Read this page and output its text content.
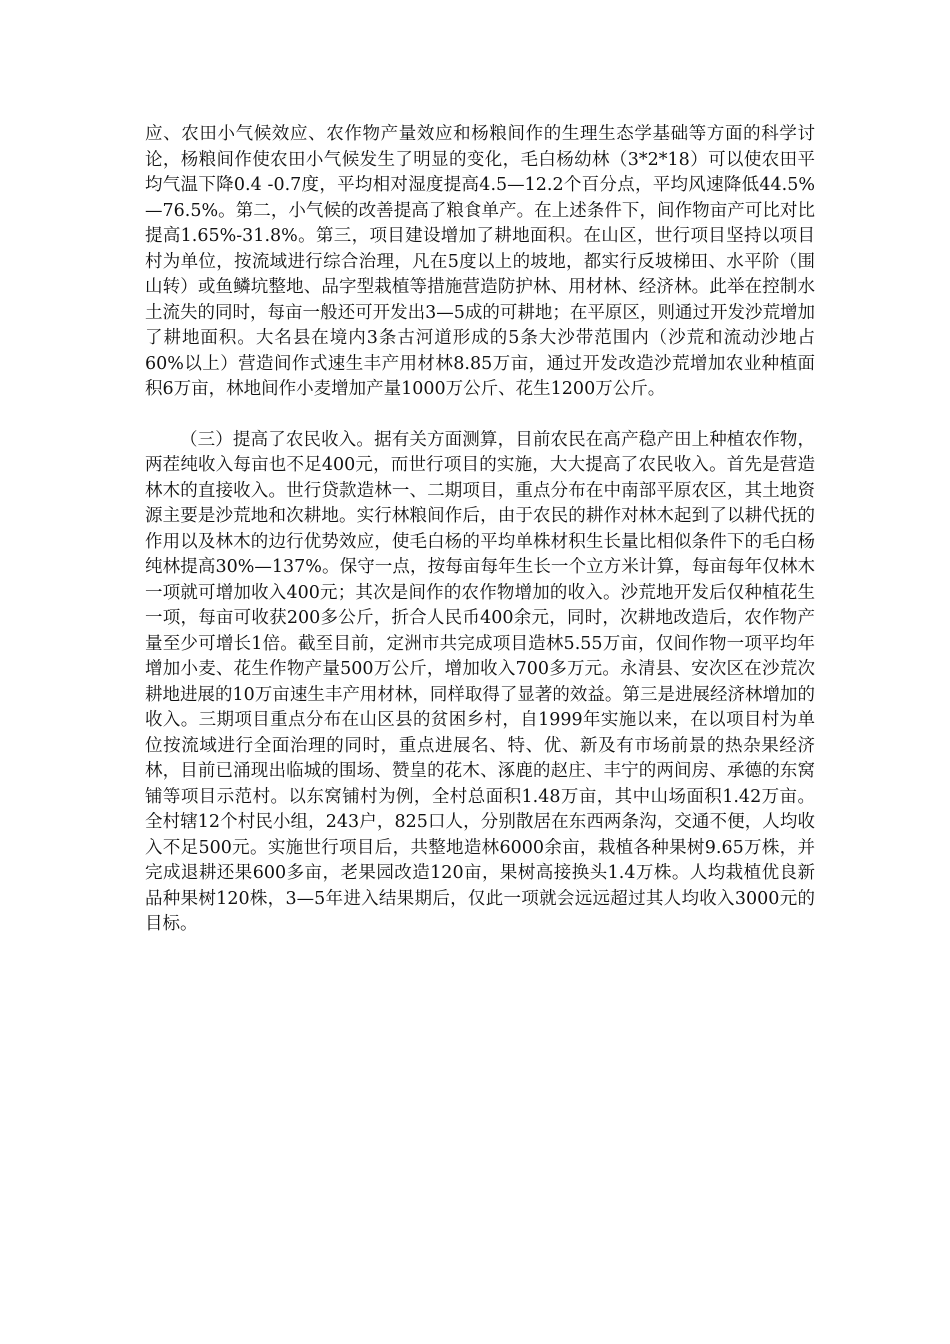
应、农田小气候效应、农作物产量效应和杨粮间作的生理生态学基础等方面的科学讨论，杨粮间作使农田小气候发生了明显的变化，毛白杨幼林（3*2*18）可以使农田平均气温下降0.4 -0.7度，平均相对湿度提高4.5—12.2个百分点，平均风速降低44.5%—76.5%。第二，小气候的改善提高了粮食单产。在上述条件下，间作物亩产可比对比提高1.65%-31.8%。第三，项目建设增加了耕地面积。在山区，世行项目坚持以项目村为单位，按流域进行综合治理，凡在5度以上的坡地，都实行反坡梯田、水平阶（围山转）或鱼鳞坑整地、品字型栽植等措施营造防护林、用材林、经济林。此举在控制水土流失的同时，每亩一般还可开发出3—5成的可耕地；在平原区，则通过开发沙荒增加了耕地面积。大名县在境内3条古河道形成的5条大沙带范围内（沙荒和流动沙地占60%以上）营造间作式速生丰产用材林8.85万亩，通过开发改造沙荒增加农业种植面积6万亩，林地间作小麦增加产量1000万公斤、花生1200万公斤。

（三）提高了农民收入。据有关方面测算，目前农民在高产稳产田上种植农作物，两茬纯收入每亩也不足400元，而世行项目的实施，大大提高了农民收入。首先是营造林木的直接收入。世行贷款造林一、二期项目，重点分布在中南部平原农区，其土地资源主要是沙荒地和次耕地。实行林粮间作后，由于农民的耕作对林木起到了以耕代抚的作用以及林木的边行优势效应，使毛白杨的平均单株材积生长量比相似条件下的毛白杨纯林提高30%—137%。保守一点，按每亩每年生长一个立方米计算，每亩每年仅林木一项就可增加收入400元；其次是间作的农作物增加的收入。沙荒地开发后仅种植花生一项，每亩可收获200多公斤，折合人民币400余元，同时，次耕地改造后，农作物产量至少可增长1倍。截至目前，定洲市共完成项目造林5.55万亩，仅间作物一项平均年增加小麦、花生作物产量500万公斤，增加收入700多万元。永清县、安次区在沙荒次耕地进展的10万亩速生丰产用材林，同样取得了显著的效益。第三是进展经济林增加的收入。三期项目重点分布在山区县的贫困乡村，自1999年实施以来，在以项目村为单位按流域进行全面治理的同时，重点进展名、特、优、新及有市场前景的热杂果经济林，目前已涌现出临城的围场、赞皇的花木、涿鹿的赵庄、丰宁的两间房、承德的东窝铺等项目示范村。以东窝铺村为例，全村总面积1.48万亩，其中山场面积1.42万亩。全村辖12个村民小组，243户，825口人，分别散居在东西两条沟，交通不便，人均收入不足500元。实施世行项目后，共整地造林6000余亩，栽植各种果树9.65万株，并完成退耕还果600多亩，老果园改造120亩，果树高接换头1.4万株。人均栽植优良新品种果树120株，3—5年进入结果期后，仅此一项就会远远超过其人均收入3000元的目标。
